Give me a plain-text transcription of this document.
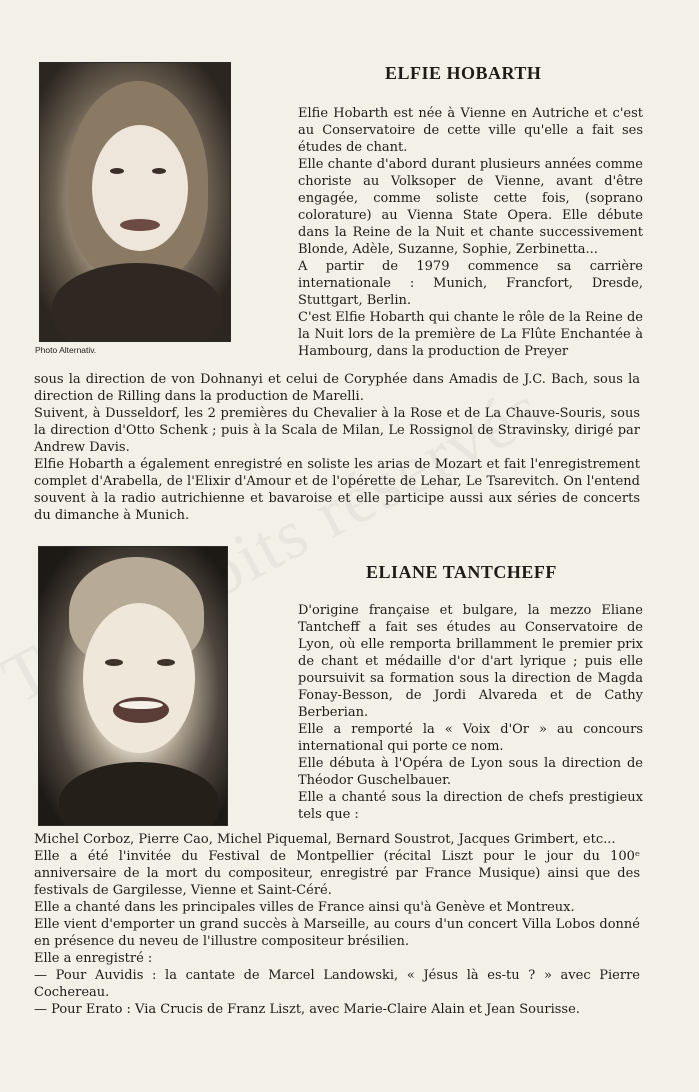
Photo Alternativ.
ELFIE HOBARTH

Elfie Hobarth est née à Vienne en Autriche et c'est au Conservatoire de cette ville qu'elle a fait ses études de chant.

Elle chante d'abord durant plusieurs années comme choriste au Volksoper de Vienne, avant d'être engagée, comme soliste cette fois, (soprano colorature) au Vienna State Opera. Elle débute dans la Reine de la Nuit et chante successivement Blonde, Adèle, Suzanne, Sophie, Zerbinetta...

A partir de 1979 commence sa carrière internationale : Munich, Francfort, Dresde, Stuttgart, Berlin.

C'est Elfie Hobarth qui chante le rôle de la Reine de la Nuit lors de la première de La Flûte Enchantée à Hambourg, dans la production de Preyer

sous la direction de von Dohnanyi et celui de Coryphée dans Amadis de J.C. Bach, sous la direction de Rilling dans la production de Marelli.

Suivent, à Dusseldorf, les 2 premières du Chevalier à la Rose et de La Chauve-Souris, sous la direction d'Otto Schenk ; puis à la Scala de Milan, Le Rossignol de Stravinsky, dirigé par Andrew Davis.

Elfie Hobarth a également enregistré en soliste les arias de Mozart et fait l'enregistrement complet d'Arabella, de l'Elixir d'Amour et de l'opérette de Lehar, Le Tsarevitch. On l'entend souvent à la radio autrichienne et bavaroise et elle participe aussi aux séries de concerts du dimanche à Munich.

ELIANE TANTCHEFF

D'origine française et bulgare, la mezzo Eliane Tantcheff a fait ses études au Conservatoire de Lyon, où elle remporta brillamment le premier prix de chant et médaille d'or d'art lyrique ; puis elle poursuivit sa formation sous la direction de Magda Fonay-Besson, de Jordi Alvareda et de Cathy Berberian.

Elle a remporté la « Voix d'Or » au concours international qui porte ce nom.

Elle débuta à l'Opéra de Lyon sous la direction de Théodor Guschelbauer.

Elle a chanté sous la direction de chefs prestigieux tels que :

Michel Corboz, Pierre Cao, Michel Piquemal, Bernard Soustrot, Jacques Grimbert, etc...

Elle a été l'invitée du Festival de Montpellier (récital Liszt pour le jour du 100ᵉ anniversaire de la mort du compositeur, enregistré par France Musique) ainsi que des festivals de Gargilesse, Vienne et Saint-Céré.

Elle a chanté dans les principales villes de France ainsi qu'à Genève et Montreux.

Elle vient d'emporter un grand succès à Marseille, au cours d'un concert Villa Lobos donné en présence du neveu de l'illustre compositeur brésilien.

Elle a enregistré :

— Pour Auvidis : la cantate de Marcel Landowski, « Jésus là es-tu ? » avec Pierre Cochereau.

— Pour Erato : Via Crucis de Franz Liszt, avec Marie-Claire Alain et Jean Sourisse.
